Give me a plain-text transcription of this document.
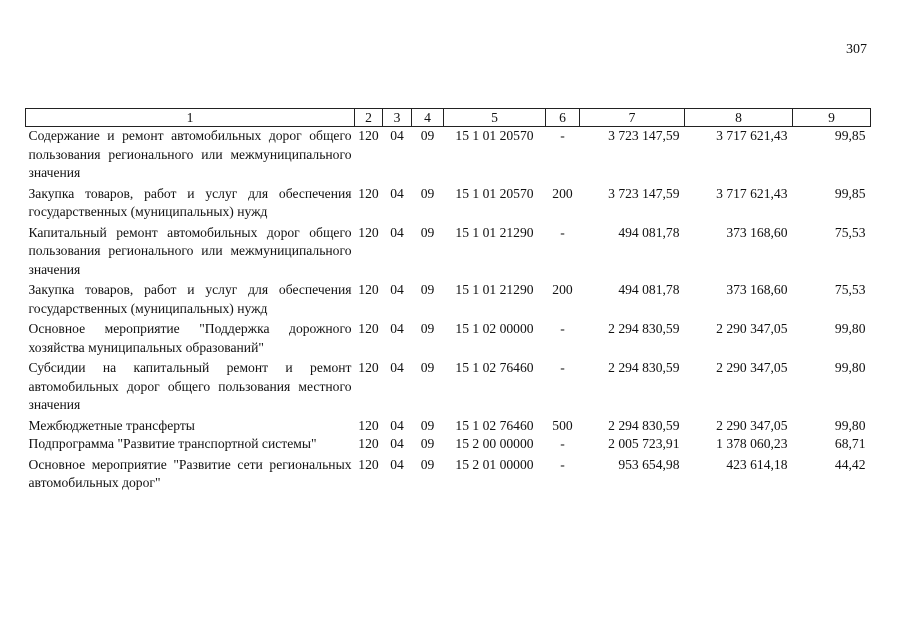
307
1	2	3	4	5	6	7	8	9
Содержание и ремонт автомобильных дорог общего пользования регионального или межмуниципального значения	120	04	09	15 1 01 20570	-	3 723 147,59	3 717 621,43	99,85
Закупка товаров, работ и услуг для обеспечения государственных (муниципальных) нужд	120	04	09	15 1 01 20570	200	3 723 147,59	3 717 621,43	99,85
Капитальный ремонт автомобильных дорог общего пользования регионального или межмуниципального значения	120	04	09	15 1 01 21290	-	494 081,78	373 168,60	75,53
Закупка товаров, работ и услуг для обеспечения государственных (муниципальных) нужд	120	04	09	15 1 01 21290	200	494 081,78	373 168,60	75,53
Основное мероприятие "Поддержка дорожного хозяйства муниципальных образований"	120	04	09	15 1 02 00000	-	2 294 830,59	2 290 347,05	99,80
Субсидии на капитальный ремонт и ремонт автомобильных дорог общего пользования местного значения	120	04	09	15 1 02 76460	-	2 294 830,59	2 290 347,05	99,80
Межбюджетные трансферты	120	04	09	15 1 02 76460	500	2 294 830,59	2 290 347,05	99,80
Подпрограмма "Развитие транспортной системы"	120	04	09	15 2 00 00000	-	2 005 723,91	1 378 060,23	68,71
Основное мероприятие "Развитие сети региональных автомобильных дорог"	120	04	09	15 2 01 00000	-	953 654,98	423 614,18	44,42
